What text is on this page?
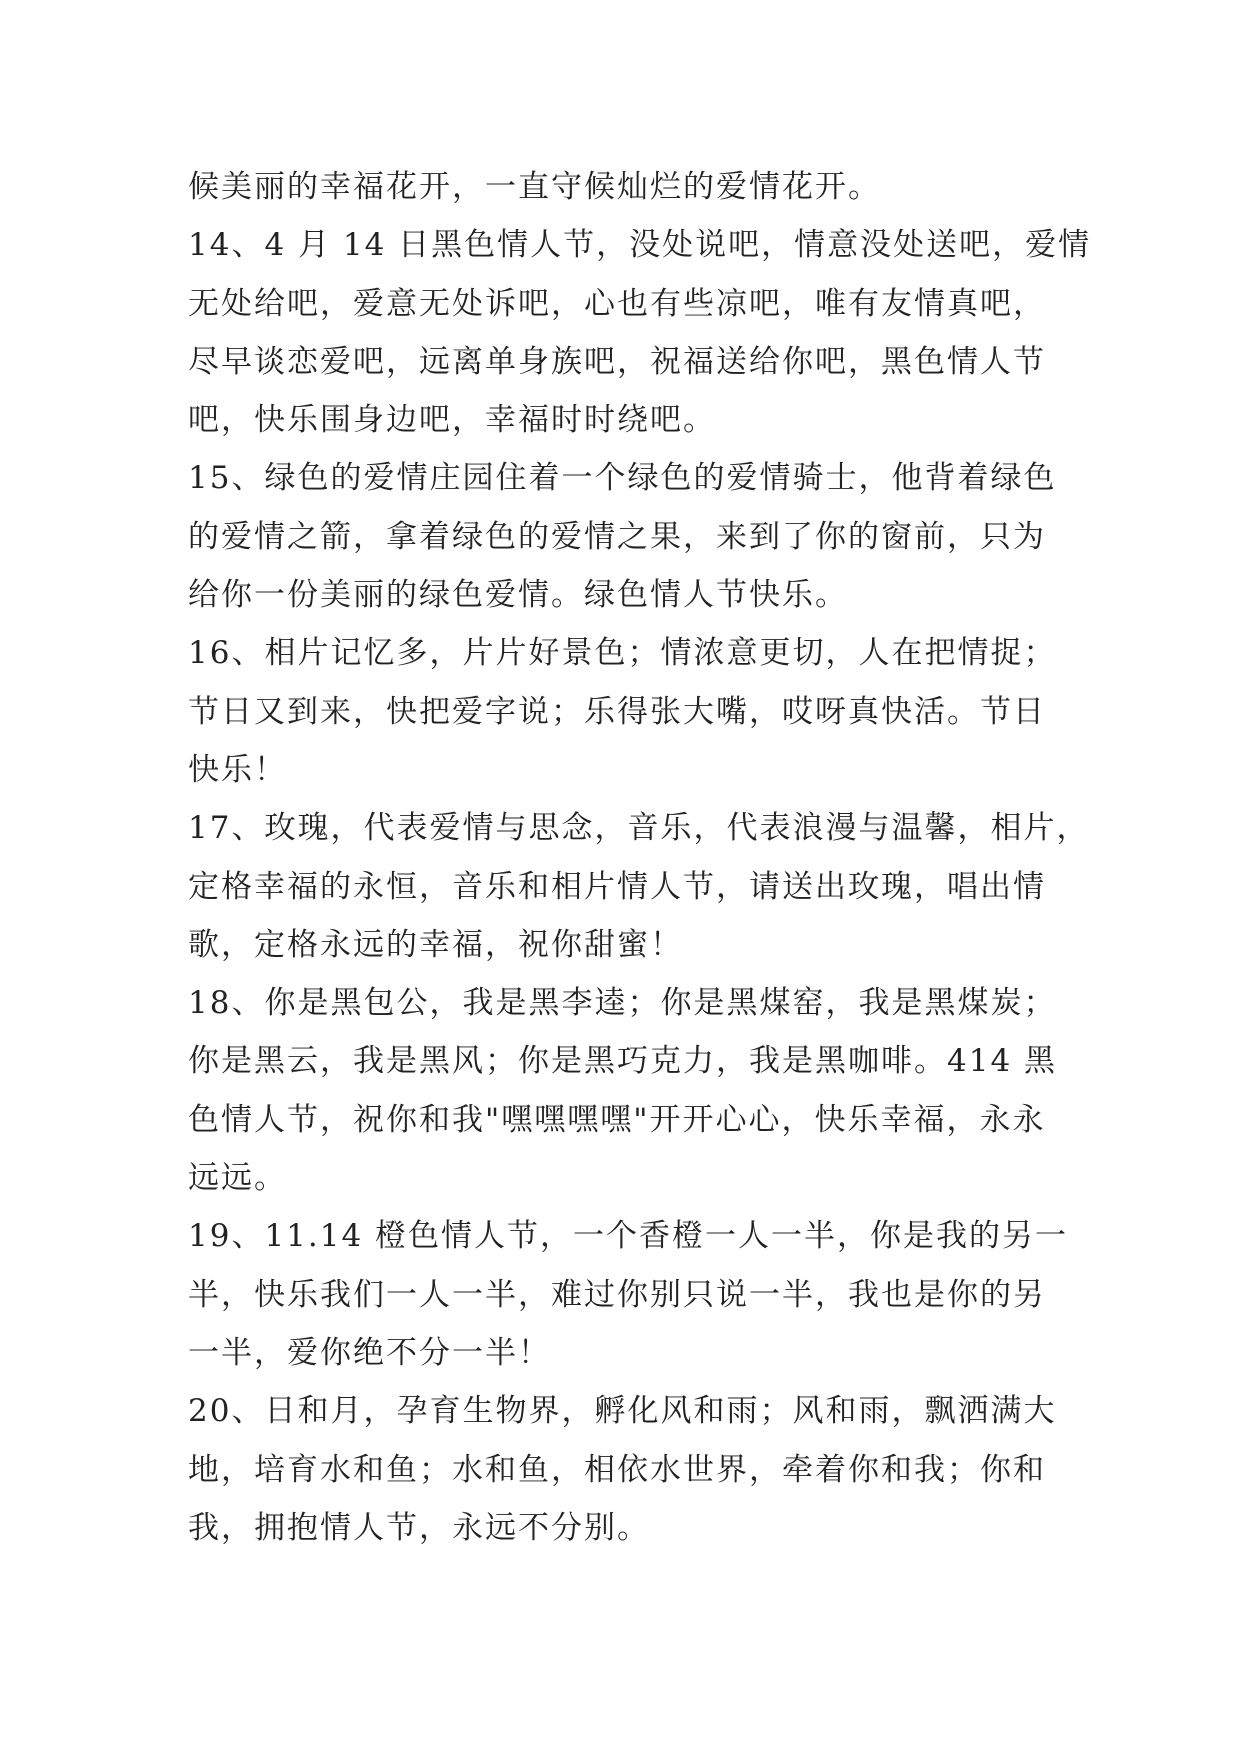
候美丽的幸福花开，一直守候灿烂的爱情花开。
14、4 月 14 日黑色情人节，没处说吧，情意没处送吧，爱情
无处给吧，爱意无处诉吧，心也有些凉吧，唯有友情真吧，
尽早谈恋爱吧，远离单身族吧，祝福送给你吧，黑色情人节
吧，快乐围身边吧，幸福时时绕吧。
15、绿色的爱情庄园住着一个绿色的爱情骑士，他背着绿色
的爱情之箭，拿着绿色的爱情之果，来到了你的窗前，只为
给你一份美丽的绿色爱情。绿色情人节快乐。
16、相片记忆多，片片好景色；情浓意更切，人在把情捉；
节日又到来，快把爱字说；乐得张大嘴，哎呀真快活。节日
快乐！
17、玫瑰，代表爱情与思念，音乐，代表浪漫与温馨，相片，
定格幸福的永恒，音乐和相片情人节，请送出玫瑰，唱出情
歌，定格永远的幸福，祝你甜蜜！
18、你是黑包公，我是黑李逵；你是黑煤窑，我是黑煤炭；
你是黑云，我是黑风；你是黑巧克力，我是黑咖啡。414 黑
色情人节，祝你和我"嘿嘿嘿嘿"开开心心，快乐幸福，永永
远远。
19、11.14 橙色情人节，一个香橙一人一半，你是我的另一
半，快乐我们一人一半，难过你别只说一半，我也是你的另
一半，爱你绝不分一半！
20、日和月，孕育生物界，孵化风和雨；风和雨，飘洒满大
地，培育水和鱼；水和鱼，相依水世界，牵着你和我；你和
我，拥抱情人节，永远不分别。
